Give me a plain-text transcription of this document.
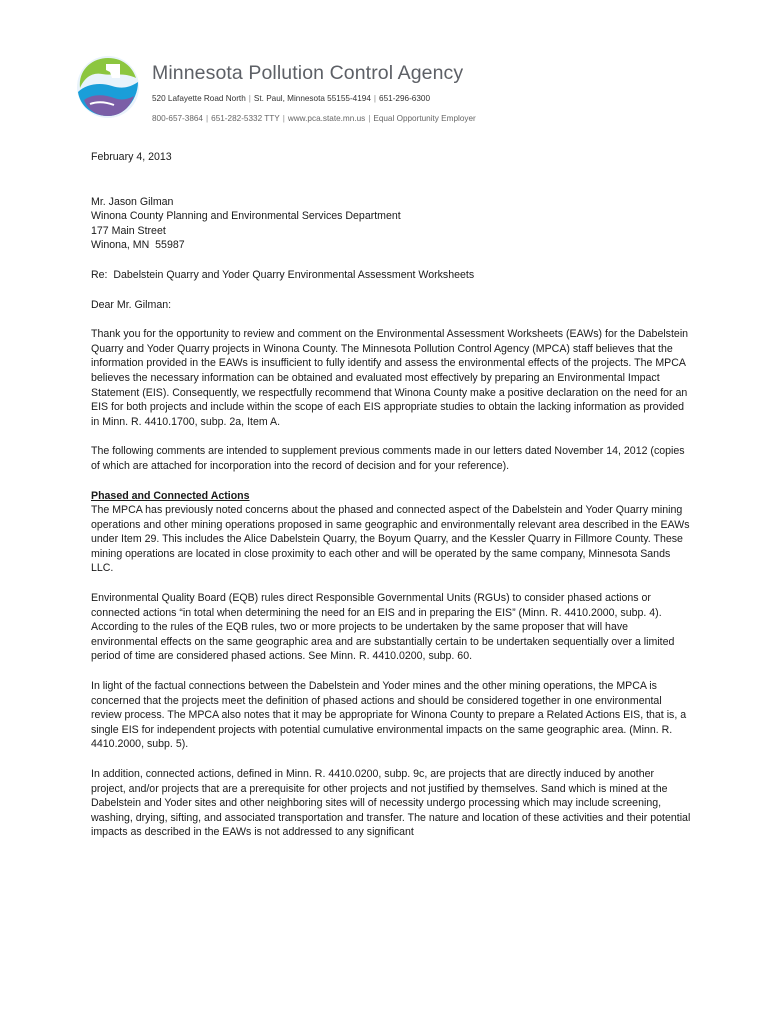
Minnesota Pollution Control Agency
520 Lafayette Road North | St. Paul, Minnesota 55155-4194 | 651-296-6300
800-657-3864 | 651-282-5332 TTY | www.pca.state.mn.us | Equal Opportunity Employer

February 4, 2013

Mr. Jason Gilman

Winona County Planning and Environmental Services Department

177 Main Street

Winona, MN  55987

Re:  Dabelstein Quarry and Yoder Quarry Environmental Assessment Worksheets

Dear Mr. Gilman:

Thank you for the opportunity to review and comment on the Environmental Assessment Worksheets (EAWs) for the Dabelstein Quarry and Yoder Quarry projects in Winona County. The Minnesota Pollution Control Agency (MPCA) staff believes that the information provided in the EAWs is insufficient to fully identify and assess the environmental effects of the projects. The MPCA believes the necessary information can be obtained and evaluated most effectively by preparing an Environmental Impact Statement (EIS). Consequently, we respectfully recommend that Winona County make a positive declaration on the need for an EIS for both projects and include within the scope of each EIS appropriate studies to obtain the lacking information as provided in Minn. R. 4410.1700, subp. 2a, Item A.

The following comments are intended to supplement previous comments made in our letters dated November 14, 2012 (copies of which are attached for incorporation into the record of decision and for your reference).

Phased and Connected Actions

The MPCA has previously noted concerns about the phased and connected aspect of the Dabelstein and Yoder Quarry mining operations and other mining operations proposed in same geographic and environmentally relevant area described in the EAWs under Item 29. This includes the Alice Dabelstein Quarry, the Boyum Quarry, and the Kessler Quarry in Fillmore County. These mining operations are located in close proximity to each other and will be operated by the same company, Minnesota Sands LLC.

Environmental Quality Board (EQB) rules direct Responsible Governmental Units (RGUs) to consider phased actions or connected actions “in total when determining the need for an EIS and in preparing the EIS” (Minn. R. 4410.2000, subp. 4). According to the rules of the EQB rules, two or more projects to be undertaken by the same proposer that will have environmental effects on the same geographic area and are substantially certain to be undertaken sequentially over a limited period of time are considered phased actions. See Minn. R. 4410.0200, subp. 60.

In light of the factual connections between the Dabelstein and Yoder mines and the other mining operations, the MPCA is concerned that the projects meet the definition of phased actions and should be considered together in one environmental review process. The MPCA also notes that it may be appropriate for Winona County to prepare a Related Actions EIS, that is, a single EIS for independent projects with potential cumulative environmental impacts on the same geographic area. (Minn. R. 4410.2000, subp. 5).

In addition, connected actions, defined in Minn. R. 4410.0200, subp. 9c, are projects that are directly induced by another project, and/or projects that are a prerequisite for other projects and not justified by themselves. Sand which is mined at the Dabelstein and Yoder sites and other neighboring sites will of necessity undergo processing which may include screening, washing, drying, sifting, and associated transportation and transfer. The nature and location of these activities and their potential impacts as described in the EAWs is not addressed to any significant
